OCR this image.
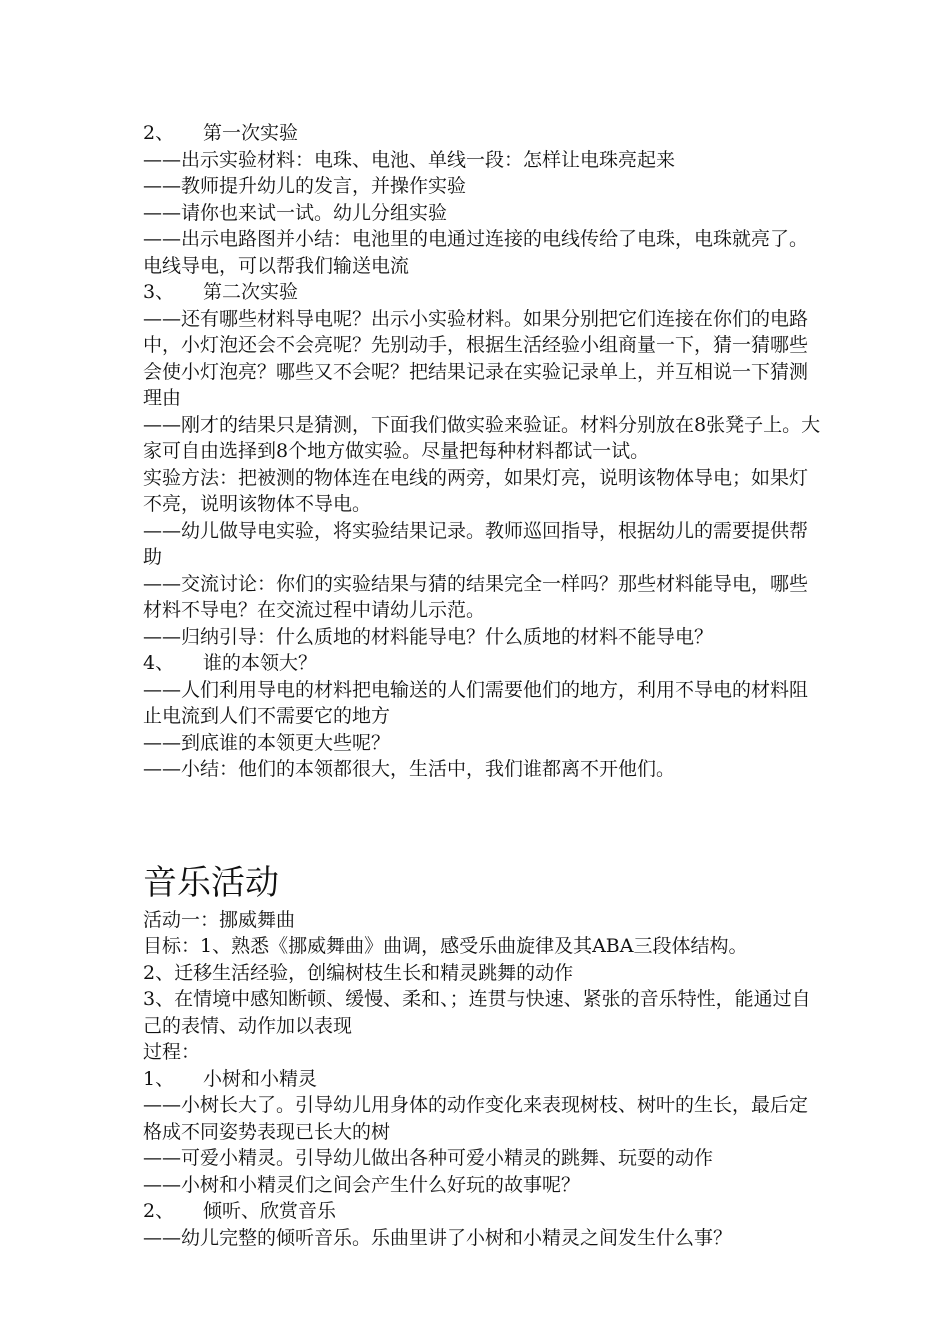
2、 第一次实验

——出示实验材料：电珠、电池、单线一段：怎样让电珠亮起来

——教师提升幼儿的发言，并操作实验

——请你也来试一试。幼儿分组实验

——出示电路图并小结：电池里的电通过连接的电线传给了电珠，电珠就亮了。电线导电，可以帮我们输送电流

3、 第二次实验

——还有哪些材料导电呢？出示小实验材料。如果分别把它们连接在你们的电路中，小灯泡还会不会亮呢？先别动手，根据生活经验小组商量一下，猜一猜哪些会使小灯泡亮？哪些又不会呢？把结果记录在实验记录单上，并互相说一下猜测理由

——刚才的结果只是猜测，下面我们做实验来验证。材料分别放在8张凳子上。大家可自由选择到8个地方做实验。尽量把每种材料都试一试。

实验方法：把被测的物体连在电线的两旁，如果灯亮，说明该物体导电；如果灯不亮，说明该物体不导电。

——幼儿做导电实验，将实验结果记录。教师巡回指导，根据幼儿的需要提供帮助

——交流讨论：你们的实验结果与猜的结果完全一样吗？那些材料能导电，哪些材料不导电？在交流过程中请幼儿示范。

——归纳引导：什么质地的材料能导电？什么质地的材料不能导电？

4、 谁的本领大？

——人们利用导电的材料把电输送的人们需要他们的地方，利用不导电的材料阻止电流到人们不需要它的地方

——到底谁的本领更大些呢？

——小结：他们的本领都很大，生活中，我们谁都离不开他们。

音乐活动

活动一：挪威舞曲

目标：1、熟悉《挪威舞曲》曲调，感受乐曲旋律及其ABA三段体结构。

2、迁移生活经验，创编树枝生长和精灵跳舞的动作

3、在情境中感知断顿、缓慢、柔和、；连贯与快速、紧张的音乐特性，能通过自己的表情、动作加以表现

过程：

1、 小树和小精灵

——小树长大了。引导幼儿用身体的动作变化来表现树枝、树叶的生长，最后定格成不同姿势表现已长大的树

——可爱小精灵。引导幼儿做出各种可爱小精灵的跳舞、玩耍的动作

——小树和小精灵们之间会产生什么好玩的故事呢？

2、 倾听、欣赏音乐

——幼儿完整的倾听音乐。乐曲里讲了小树和小精灵之间发生什么事？
